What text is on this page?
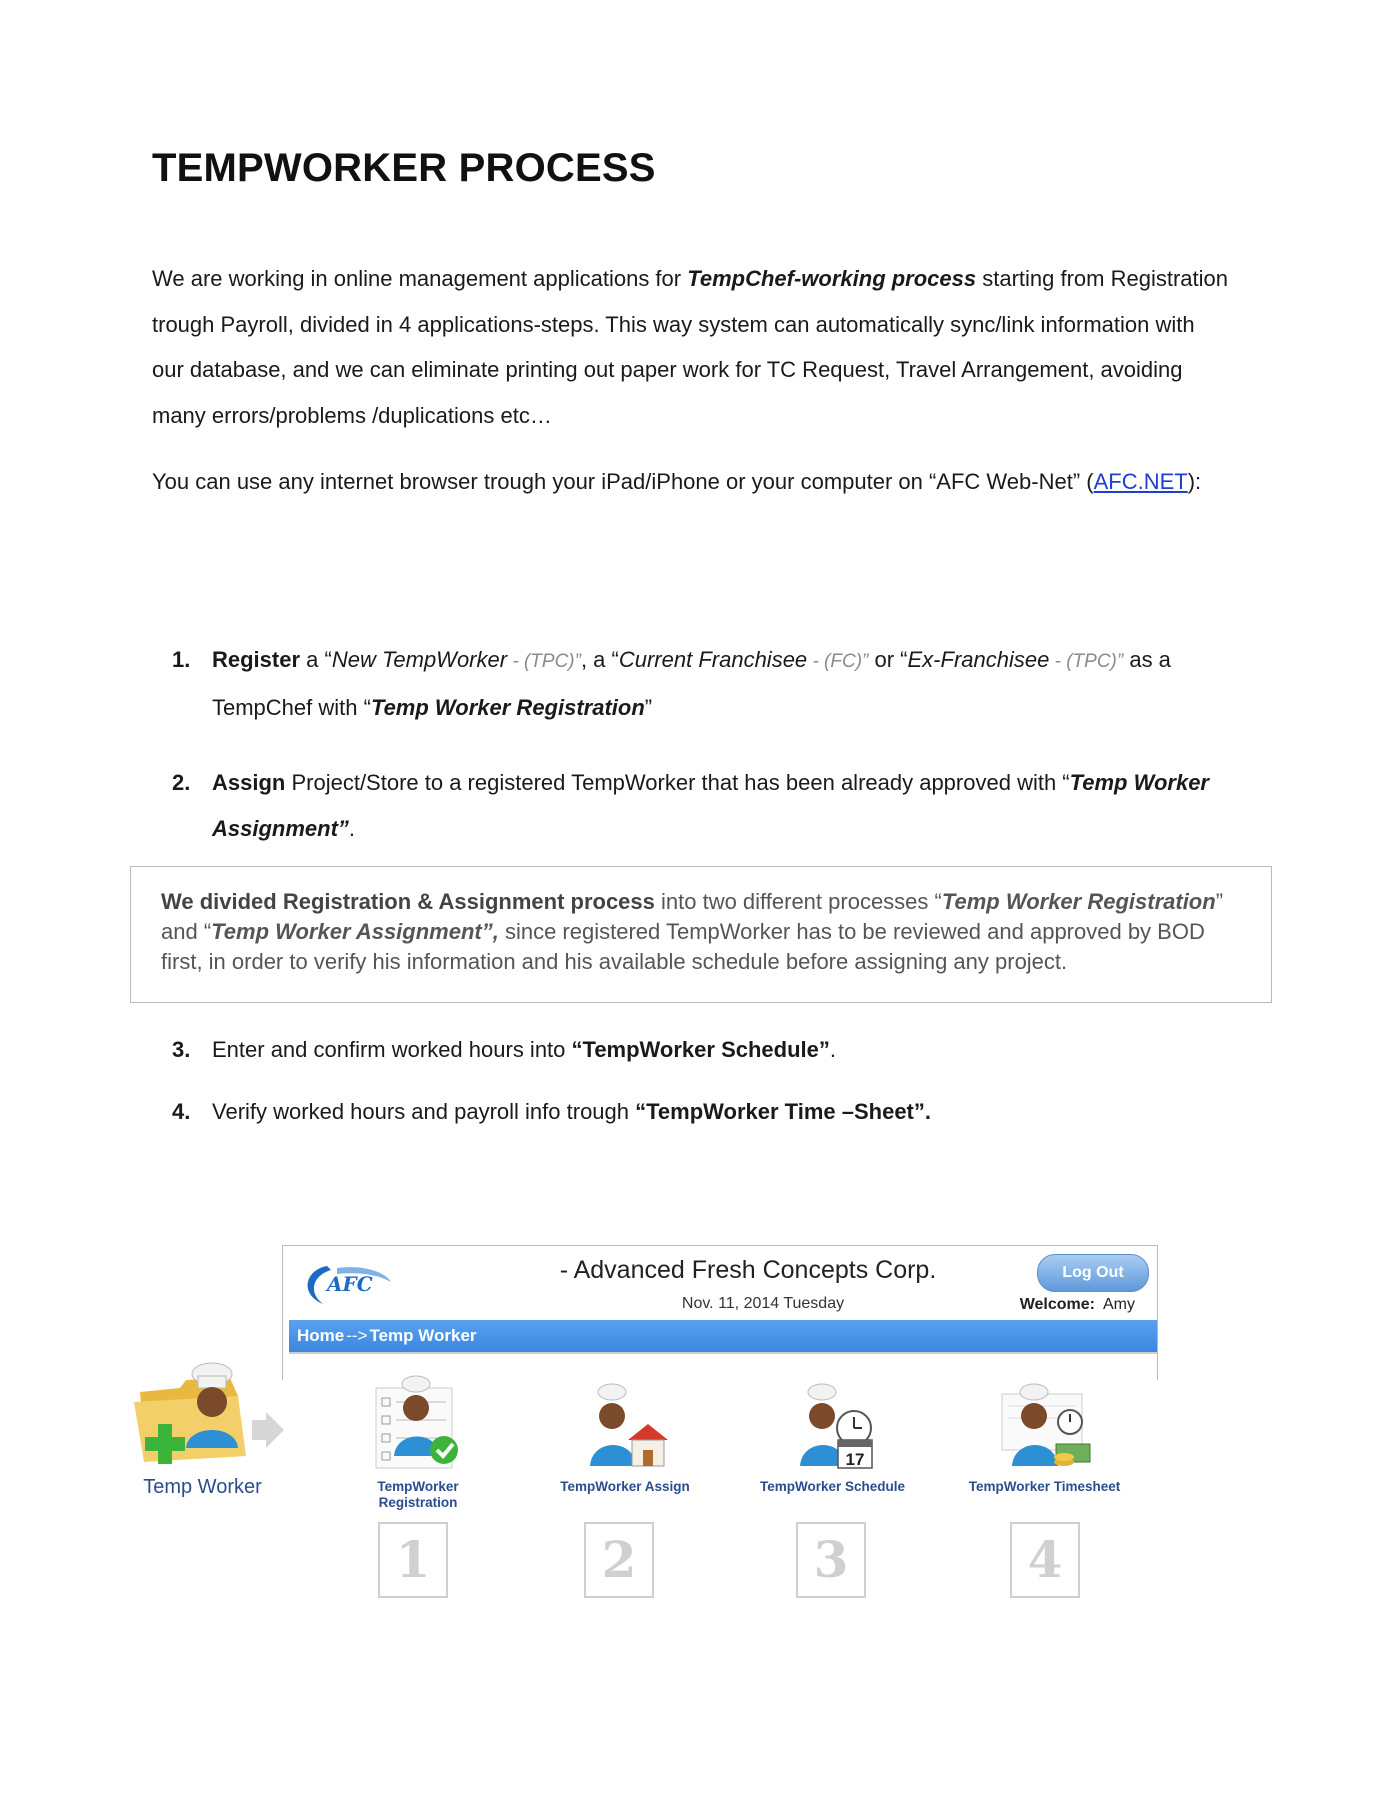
TEMPWORKER PROCESS

We are working in online management applications for TempChef-working process starting from Registration trough Payroll, divided in 4 applications-steps. This way system can automatically sync/link information with our database, and we can eliminate printing out paper work for TC Request, Travel Arrangement, avoiding many errors/problems /duplications etc…

You can use any internet browser trough your iPad/iPhone or your computer on “AFC Web-Net” (AFC.NET):

1. Register a “New TempWorker - (TPC)”, a “Current Franchisee - (FC)” or “Ex-Franchisee - (TPC)” as a TempChef with “Temp Worker Registration”
2. Assign Project/Store to a registered TempWorker that has been already approved with “Temp Worker Assignment”.
We divided Registration & Assignment process into two different processes “Temp Worker Registration” and “Temp Worker Assignment”, since registered TempWorker has to be reviewed and approved by BOD first, in order to verify his information and his available schedule before assigning any project.
3. Enter and confirm worked hours into “TempWorker Schedule”.
4. Verify worked hours and payroll info trough “TempWorker Time –Sheet”.
AFC	- Advanced Fresh Concepts Corp.
Nov. 11, 2014 Tuesday
Log Out
Welcome: Amy
Home --> Temp Worker
Temp Worker	TempWorker
Registration
TempWorker Assign
17
TempWorker Schedule	TempWorker Timesheet
1	2	3	4
